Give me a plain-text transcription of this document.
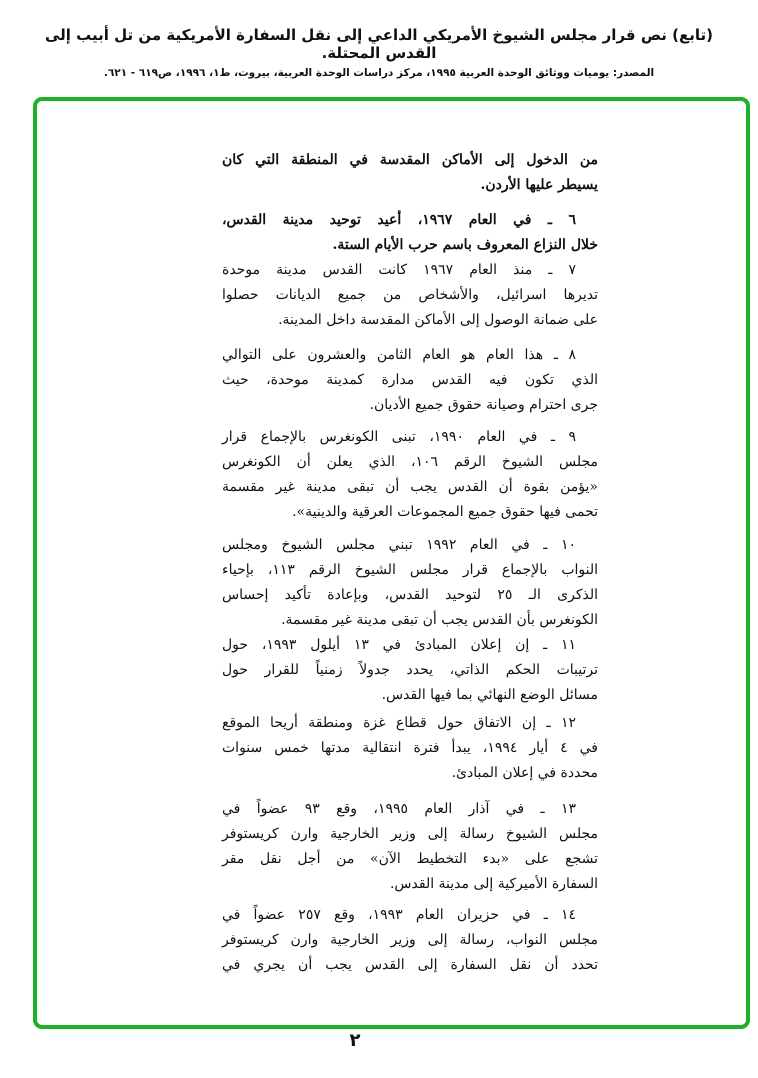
(تابع) نص قرار مجلس الشيوخ الأمريكي الداعي إلى نقل السفارة الأمريكية من تل أبيب إلى القدس المحتلة.
المصدر: يوميات ووثائق الوحدة العربية ١٩٩٥، مركز دراسات الوحدة العربية، بيروت، ط١، ١٩٩٦، ص٦١٩ - ٦٢١.
من الدخول إلى الأماكن المقدسة في المنطقة التي كان
يسيطر عليها الأردن.
٦ ـ في العام ١٩٦٧، أعيد توحيد مدينة القدس،
خلال النزاع المعروف باسم حرب الأيام الستة.
٧ ـ منذ العام ١٩٦٧ كانت القدس مدينة موحدة
تديرها اسرائيل، والأشخاص من جميع الديانات حصلوا
على ضمانة الوصول إلى الأماكن المقدسة داخل المدينة.
٨ ـ هذا العام هو العام الثامن والعشرون على التوالي
الذي تكون فيه القدس مدارة كمدينة موحدة، حيث
جرى احترام وصيانة حقوق جميع الأديان.
٩ ـ في العام ١٩٩٠، تبنى الكونغرس بالإجماع قرار
مجلس الشيوخ الرقم ١٠٦، الذي يعلن أن الكونغرس
«يؤمن بقوة أن القدس يجب أن تبقى مدينة غير مقسمة
تحمى فيها حقوق جميع المجموعات العرقية والدينية».
١٠ ـ في العام ١٩٩٢ تبني مجلس الشيوخ ومجلس
النواب بالإجماع قرار مجلس الشيوخ الرقم ١١٣، بإحياء
الذكرى الـ ٢٥ لتوحيد القدس، وبإعادة تأكيد إحساس
الكونغرس بأن القدس يجب أن تبقى مدينة غير مقسمة.
١١ ـ إن إعلان المبادئ في ١٣ أيلول ١٩٩٣، حول
ترتيبات الحكم الذاتي، يحدد جدولاً زمنياً للقرار حول
مسائل الوضع النهائي بما فيها القدس.
١٢ ـ إن الاتفاق حول قطاع غزة ومنطقة أريحا الموقع
في ٤ أيار ١٩٩٤، يبدأ فترة انتقالية مدتها خمس سنوات
محددة في إعلان المبادئ.
١٣ ـ في آذار العام ١٩٩٥، وقع ٩٣ عضواً في
مجلس الشيوخ رسالة إلى وزير الخارجية وارن كريستوفر
تشجع على «بدء التخطيط الآن» من أجل نقل مقر
السفارة الأميركية إلى مدينة القدس.
١٤ ـ في حزيران العام ١٩٩٣، وقع ٢٥٧ عضواً في
مجلس النواب، رسالة إلى وزير الخارجية وارن كريستوفر
تحدد أن نقل السفارة إلى القدس يجب أن يجري في
٢
